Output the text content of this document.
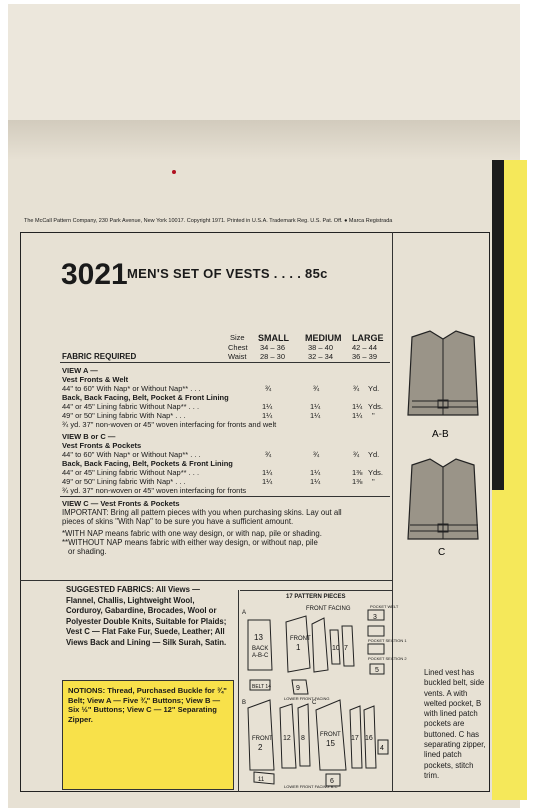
The McCall Pattern Company, 230 Park Avenue, New York 10017. Copyright 1971. Printed in U.S.A. Trademark Reg. U.S. Pat. Off. ● Marca Registrada
3021 MEN'S SET OF VESTS . . . . 85c
Size SMALL MEDIUM LARGE
Chest 34 – 36	38 – 40	42 – 44
FABRIC REQUIRED	Waist 28 – 30	32 – 34	36 – 39
VIEW A —
Vest Fronts & Welt
44" to 60" With Nap* or Without Nap** . . .	¾	¾	¾ Yd.
Back, Back Facing, Belt, Pocket & Front Lining
44" or 45" Lining fabric Without Nap** . . .	1¼	1¼	1¼ Yds.
49" or 50" Lining fabric With Nap* . . .	1¼	1¼	1¼ "
¾ yd. 37" non-woven or 45" woven interfacing for fronts and welt
VIEW B or C —
Vest Fronts & Pockets
44" to 60" With Nap* or Without Nap** . . .	¾	¾	¾ Yd.
Back, Back Facing, Belt, Pockets & Front Lining
44" or 45" Lining fabric Without Nap** . . .	1¼	1¼	1⅜ Yds.
49" or 50" Lining fabric With Nap* . . .	1¼	1¼	1⅜ "
¾ yd. 37" non-woven or 45" woven interfacing for fronts
VIEW C — Vest Fronts & Pockets
IMPORTANT: Bring all pattern pieces with you when purchasing skins. Lay out all
pieces of skins "With Nap" to be sure you have a sufficient amount.
*WITH NAP means fabric with one way design, or with nap, pile or shading.
**WITHOUT NAP means fabric with either way design, or without nap, pile
or shading.
SUGGESTED FABRICS: All Views — Flannel, Challis, Lightweight Wool, Corduroy, Gabardine, Brocades, Wool or Polyester Double Knits, Suitable for Plaids; Vest C — Flat Fake Fur, Suede, Leather; All Views Back and Lining — Silk Surah, Satin.
NOTIONS: Thread, Purchased Buckle for ¾" Belt; View A — Five ¾" Buttons; View B — Six ½" Buttons; View C — 12" Separating Zipper.
17 PATTERN PIECES
A
13
BACK
A-B-C
FRONT
1
FRONT FACING
10 7
POCKET WELT
3
POCKET SECTION 1
POCKET SECTION 2
5
BELT 14	9
LOWER FRONT FACING
B	C
FRONT
2
12 8	FRONT
15
17 16
4
11	6
LOWER FRONT FACING B-C
A-B
C
Lined vest has buckled belt, side vents. A with welted pocket, B with lined patch pockets are buttoned. C has separating zipper, lined patch pockets, stitch trim.
